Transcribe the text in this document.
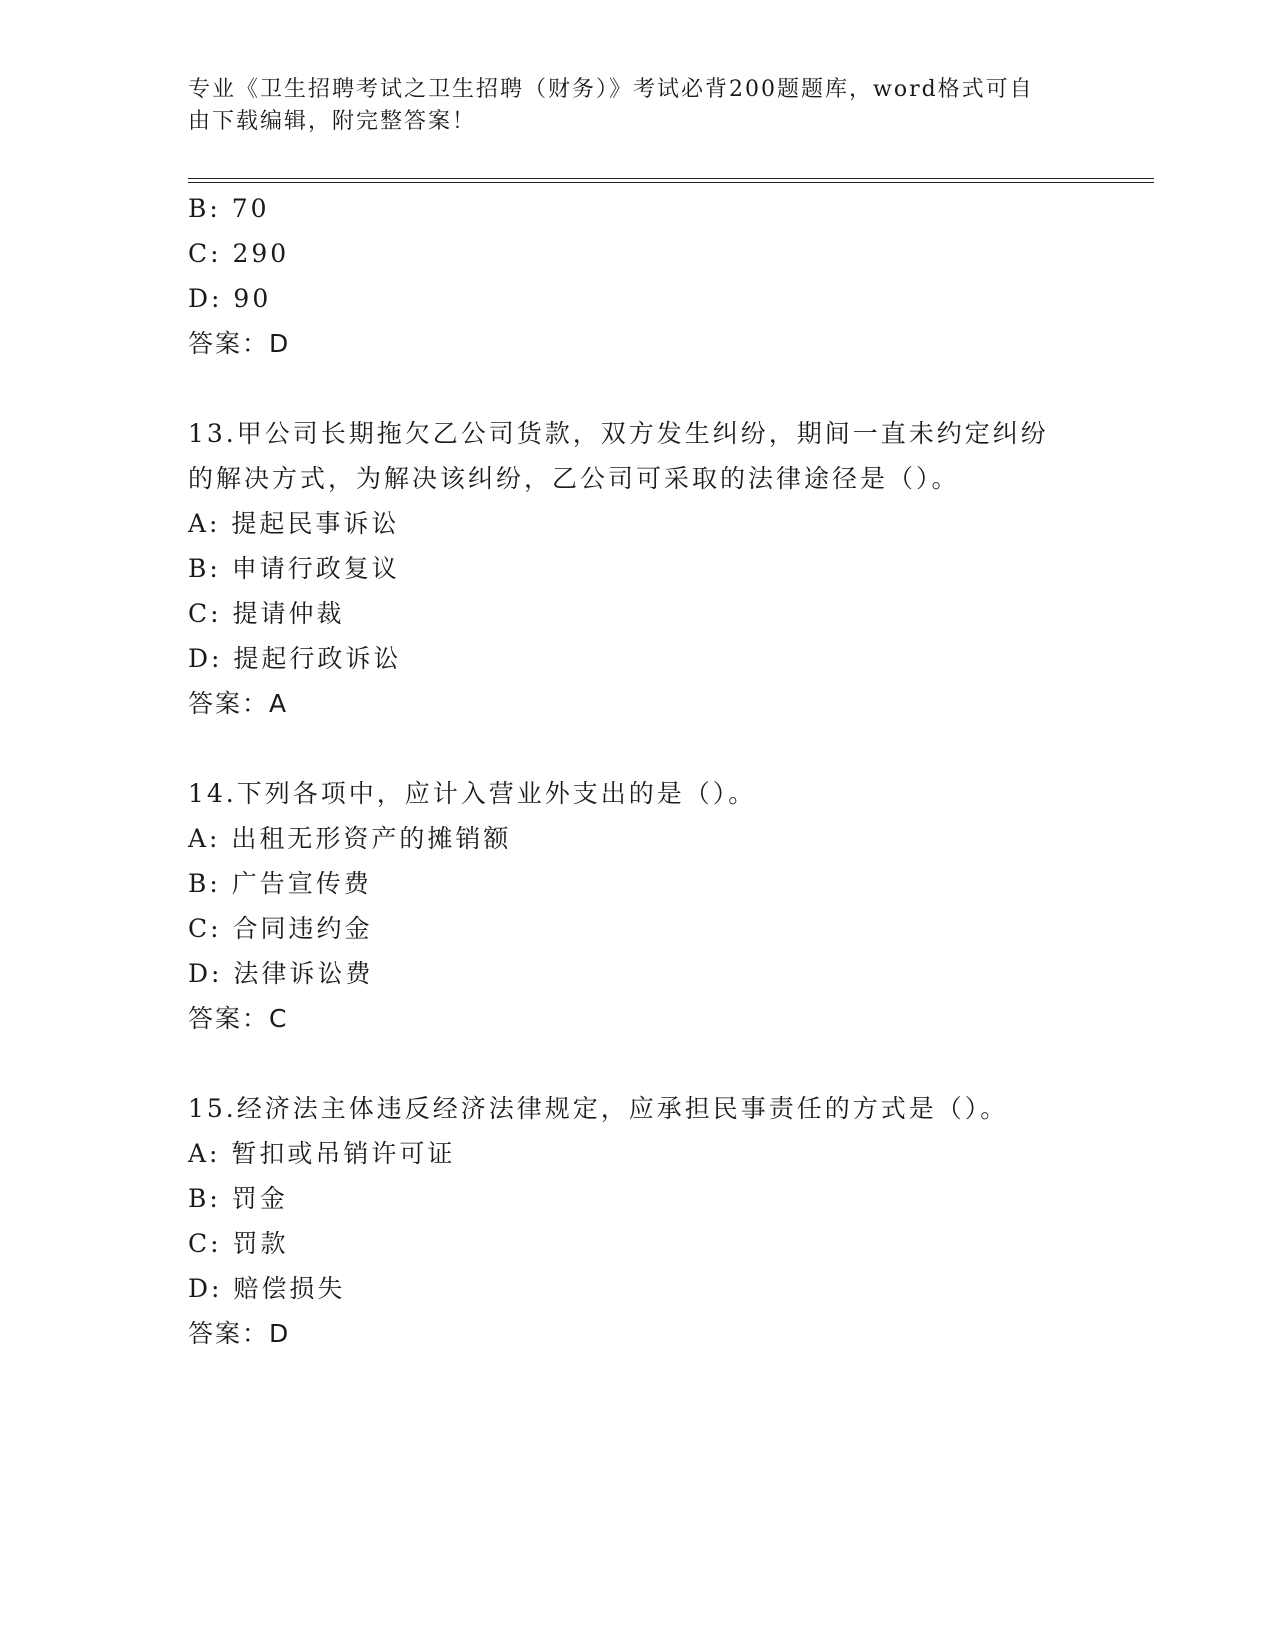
专业《卫生招聘考试之卫生招聘（财务）》考试必背200题题库，word格式可自
由下载编辑，附完整答案！
B: 70
C: 290
D: 90
答案：D
13.甲公司长期拖欠乙公司货款，双方发生纠纷，期间一直未约定纠纷
的解决方式，为解决该纠纷，乙公司可采取的法律途径是（）。
A: 提起民事诉讼
B: 申请行政复议
C: 提请仲裁
D: 提起行政诉讼
答案：A
14.下列各项中，应计入营业外支出的是（）。
A: 出租无形资产的摊销额
B: 广告宣传费
C: 合同违约金
D: 法律诉讼费
答案：C
15.经济法主体违反经济法律规定，应承担民事责任的方式是（）。
A: 暂扣或吊销许可证
B: 罚金
C: 罚款
D: 赔偿损失
答案：D
